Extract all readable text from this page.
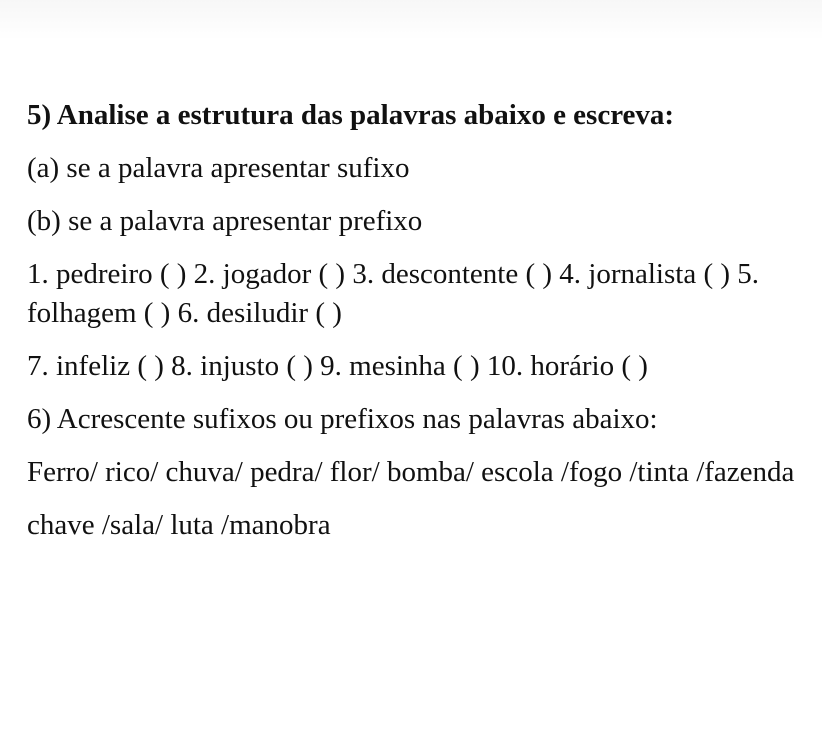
5) Analise a estrutura das palavras abaixo e escreva:

(a) se a palavra apresentar sufixo

(b) se a palavra apresentar prefixo

1. pedreiro ( ) 2. jogador ( ) 3. descontente ( ) 4. jornalista ( ) 5. folhagem ( ) 6. desiludir ( )

7. infeliz ( ) 8. injusto ( ) 9. mesinha ( ) 10. horário ( )

6) Acrescente sufixos ou prefixos nas palavras abaixo:

Ferro/ rico/ chuva/ pedra/ flor/ bomba/ escola /fogo /tinta /fazenda

chave /sala/ luta /manobra
